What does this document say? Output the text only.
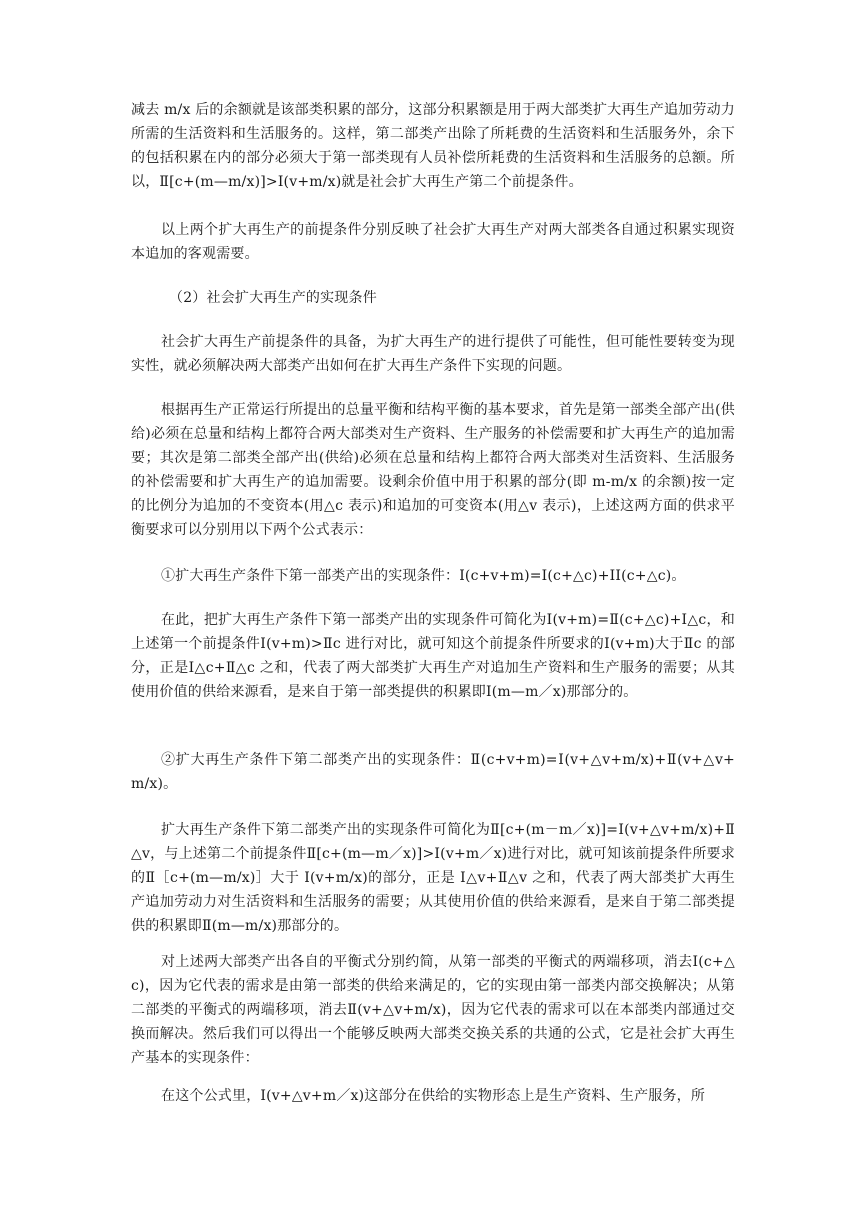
减去 m/x 后的余额就是该部类积累的部分，这部分积累额是用于两大部类扩大再生产追加劳动力所需的生活资料和生活服务的。这样，第二部类产出除了所耗费的生活资料和生活服务外，余下的包括积累在内的部分必须大于第一部类现有人员补偿所耗费的生活资料和生活服务的总额。所以，Ⅱ[c+(m—m/x)]>Ⅰ(v+m/x)就是社会扩大再生产第二个前提条件。

以上两个扩大再生产的前提条件分别反映了社会扩大再生产对两大部类各自通过积累实现资本追加的客观需要。

（2）社会扩大再生产的实现条件

社会扩大再生产前提条件的具备，为扩大再生产的进行提供了可能性，但可能性要转变为现实性，就必须解决两大部类产出如何在扩大再生产条件下实现的问题。

根据再生产正常运行所提出的总量平衡和结构平衡的基本要求，首先是第一部类全部产出(供给)必须在总量和结构上都符合两大部类对生产资料、生产服务的补偿需要和扩大再生产的追加需要；其次是第二部类全部产出(供给)必须在总量和结构上都符合两大部类对生活资料、生活服务的补偿需要和扩大再生产的追加需要。设剩余价值中用于积累的部分(即 m-m/x 的余额)按一定的比例分为追加的不变资本(用△c 表示)和追加的可变资本(用△v 表示)，上述这两方面的供求平衡要求可以分别用以下两个公式表示：

①扩大再生产条件下第一部类产出的实现条件：Ⅰ(c+v+m)=Ⅰ(c+△c)+II(c+△c)。

在此，把扩大再生产条件下第一部类产出的实现条件可简化为Ⅰ(v+m)=Ⅱ(c+△c)+I△c，和上述第一个前提条件Ⅰ(v+m)>Ⅱc 进行对比，就可知这个前提条件所要求的Ⅰ(v+m)大于Ⅱc 的部分，正是Ⅰ△c+Ⅱ△c 之和，代表了两大部类扩大再生产对追加生产资料和生产服务的需要；从其使用价值的供给来源看，是来自于第一部类提供的积累即Ⅰ(m—m／x)那部分的。

②扩大再生产条件下第二部类产出的实现条件：Ⅱ(c+v+m)=Ⅰ(v+△v+m/x)+Ⅱ(v+△v+m/x)。

扩大再生产条件下第二部类产出的实现条件可简化为Ⅱ[c+(m－m／x)]=Ⅰ(v+△v+m/x)+Ⅱ△v，与上述第二个前提条件Ⅱ[c+(m—m／x)]>Ⅰ(v+m／x)进行对比，就可知该前提条件所要求的Ⅱ［c+(m—m/x)］大于 I(v+m/x)的部分，正是 I△v+Ⅱ△v 之和，代表了两大部类扩大再生产追加劳动力对生活资料和生活服务的需要；从其使用价值的供给来源看，是来自于第二部类提供的积累即Ⅱ(m—m/x)那部分的。

对上述两大部类产出各自的平衡式分别约简，从第一部类的平衡式的两端移项，消去I(c+△c)，因为它代表的需求是由第一部类的供给来满足的，它的实现由第一部类内部交换解决；从第二部类的平衡式的两端移项，消去Ⅱ(v+△v+m/x)，因为它代表的需求可以在本部类内部通过交换而解决。然后我们可以得出一个能够反映两大部类交换关系的共通的公式，它是社会扩大再生产基本的实现条件：

在这个公式里，Ⅰ(v+△v+m／x)这部分在供给的实物形态上是生产资料、生产服务，所
